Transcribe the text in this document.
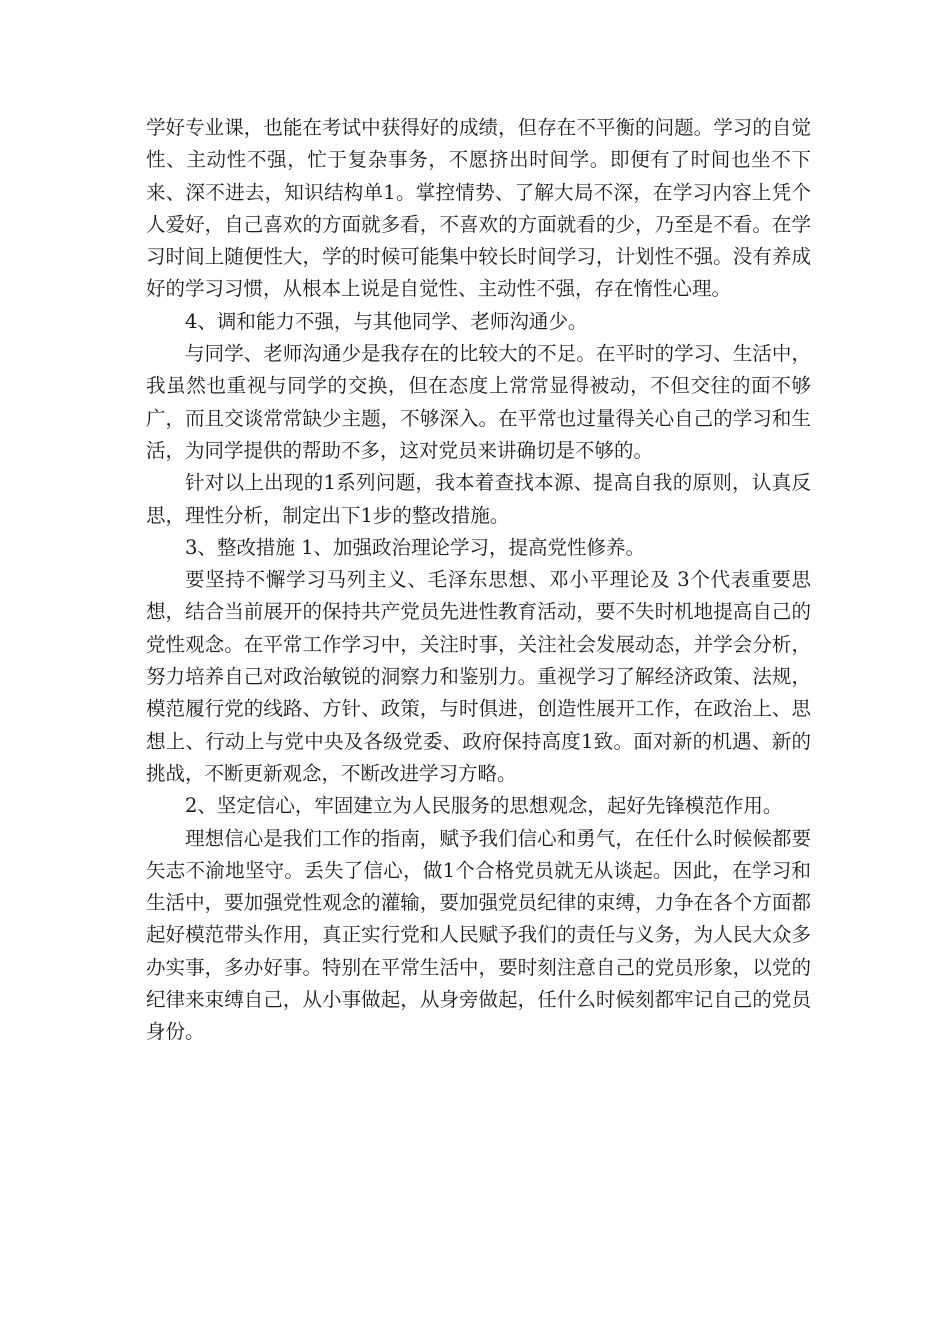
学好专业课，也能在考试中获得好的成绩，但存在不平衡的问题。学习的自觉性、主动性不强，忙于复杂事务，不愿挤出时间学。即便有了时间也坐不下来、深不进去，知识结构单1。掌控情势、了解大局不深，在学习内容上凭个人爱好，自己喜欢的方面就多看，不喜欢的方面就看的少，乃至是不看。在学习时间上随便性大，学的时候可能集中较长时间学习，计划性不强。没有养成好的学习习惯，从根本上说是自觉性、主动性不强，存在惰性心理。

4、调和能力不强，与其他同学、老师沟通少。

与同学、老师沟通少是我存在的比较大的不足。在平时的学习、生活中，我虽然也重视与同学的交换，但在态度上常常显得被动，不但交往的面不够广，而且交谈常常缺少主题，不够深入。在平常也过量得关心自己的学习和生活，为同学提供的帮助不多，这对党员来讲确切是不够的。

针对以上出现的1系列问题，我本着查找本源、提高自我的原则，认真反思，理性分析，制定出下1步的整改措施。

3、整改措施 1、加强政治理论学习，提高党性修养。

要坚持不懈学习马列主义、毛泽东思想、邓小平理论及 3个代表重要思想，结合当前展开的保持共产党员先进性教育活动，要不失时机地提高自己的党性观念。在平常工作学习中，关注时事，关注社会发展动态，并学会分析，努力培养自己对政治敏锐的洞察力和鉴别力。重视学习了解经济政策、法规，模范履行党的线路、方针、政策，与时俱进，创造性展开工作，在政治上、思想上、行动上与党中央及各级党委、政府保持高度1致。面对新的机遇、新的挑战，不断更新观念，不断改进学习方略。

2、坚定信心，牢固建立为人民服务的思想观念，起好先锋模范作用。

理想信心是我们工作的指南，赋予我们信心和勇气，在任什么时候候都要矢志不渝地坚守。丢失了信心，做1个合格党员就无从谈起。因此，在学习和生活中，要加强党性观念的灌输，要加强党员纪律的束缚，力争在各个方面都起好模范带头作用，真正实行党和人民赋予我们的责任与义务，为人民大众多办实事，多办好事。特别在平常生活中，要时刻注意自己的党员形象，以党的纪律来束缚自己，从小事做起，从身旁做起，任什么时候刻都牢记自己的党员身份。
